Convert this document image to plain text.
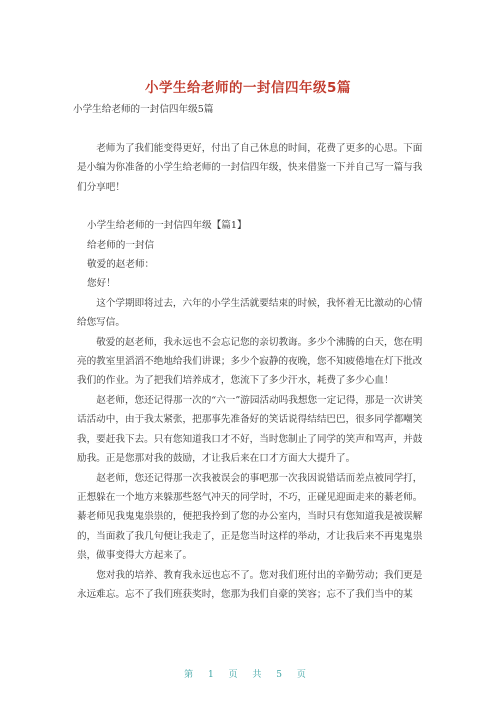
小学生给老师的一封信四年级5篇
小学生给老师的一封信四年级5篇

老师为了我们能变得更好，付出了自己休息的时间，花费了更多的心思。下面是小编为你准备的小学生给老师的一封信四年级，快来借鉴一下并自己写一篇与我们分享吧！

小学生给老师的一封信四年级【篇1】

给老师的一封信

敬爱的赵老师：

您好！

这个学期即将过去，六年的小学生活就要结束的时候，我怀着无比激动的心情给您写信。

敬爱的赵老师，我永远也不会忘记您的亲切教诲。多少个沸腾的白天，您在明亮的教室里滔滔不绝地给我们讲课；多少个寂静的夜晚，您不知疲倦地在灯下批改我们的作业。为了把我们培养成才，您流下了多少汗水，耗费了多少心血！

赵老师，您还记得那一次的“六一”游园活动吗我想您一定记得，那是一次讲笑话活动中，由于我太紧张，把那事先准备好的笑话说得结结巴巴，很多同学都嘲笑我，要赶我下去。只有您知道我口才不好，当时您制止了同学的笑声和骂声，并鼓励我。正是您那对我的鼓励，才让我后来在口才方面大大提升了。

赵老师，您还记得那一次我被误会的事吧那一次我因说错话而差点被同学打，正想躲在一个地方来躲那些怒气冲天的同学时，不巧，正碰见迎面走来的綦老师。綦老师见我鬼鬼祟祟的，便把我拎到了您的办公室内，当时只有您知道我是被误解的，当面救了我几句便让我走了，正是您当时这样的举动，才让我后来不再鬼鬼祟祟，做事变得大方起来了。

您对我的培养、教育我永远也忘不了。您对我们班付出的辛勤劳动；我们更是永远难忘。忘不了我们班获奖时，您那为我们自豪的笑容；忘不了我们当中的某

第 1 页 共 5 页
